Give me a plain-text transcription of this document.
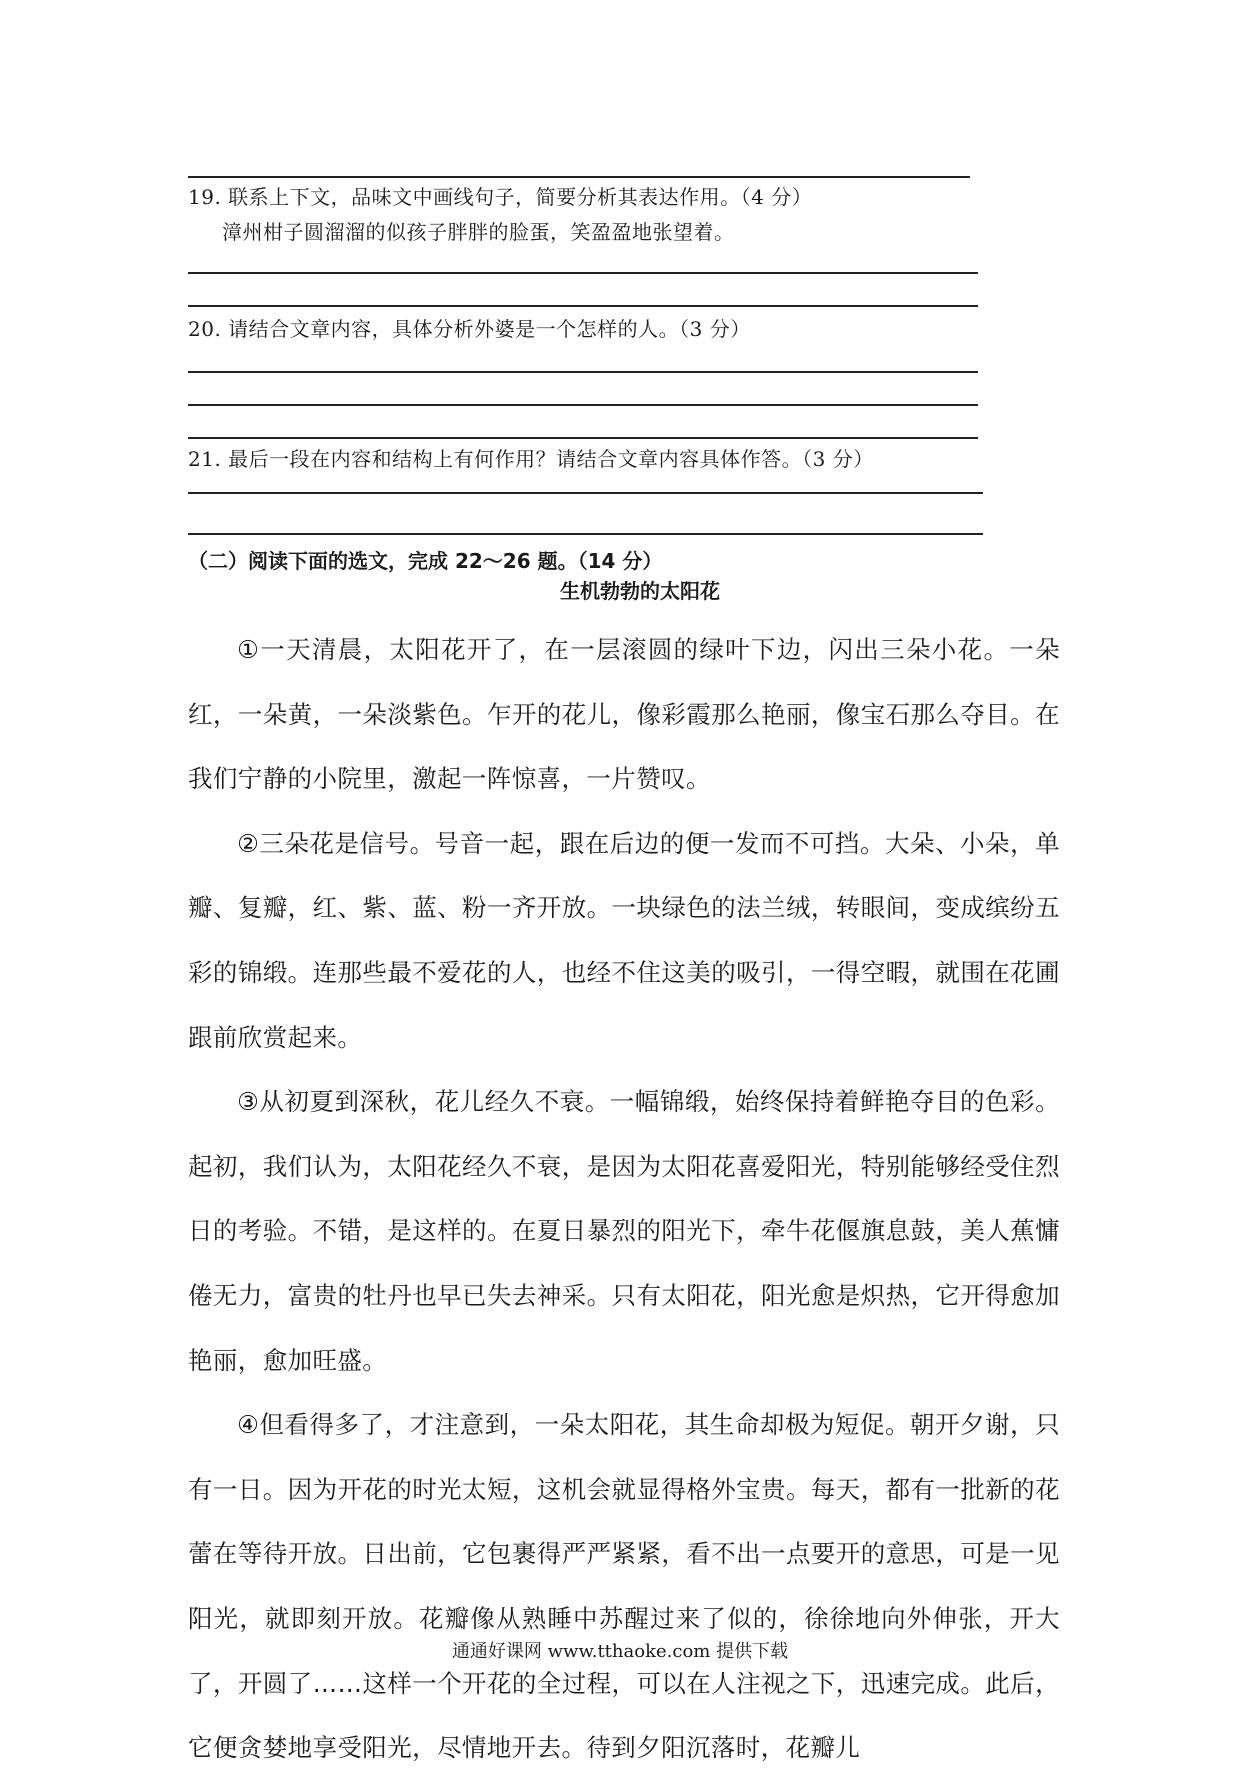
19. 联系上下文，品味文中画线句子，简要分析其表达作用。（4 分）
漳州柑子圆溜溜的似孩子胖胖的脸蛋，笑盈盈地张望着。
20. 请结合文章内容，具体分析外婆是一个怎样的人。（3 分）
21. 最后一段在内容和结构上有何作用？请结合文章内容具体作答。（3 分）
（二）阅读下面的选文，完成 22～26 题。（14 分）
生机勃勃的太阳花

①一天清晨，太阳花开了，在一层滚圆的绿叶下边，闪出三朵小花。一朵红，一朵黄，一朵淡紫色。乍开的花儿，像彩霞那么艳丽，像宝石那么夺目。在我们宁静的小院里，激起一阵惊喜，一片赞叹。

②三朵花是信号。号音一起，跟在后边的便一发而不可挡。大朵、小朵，单瓣、复瓣，红、紫、蓝、粉一齐开放。一块绿色的法兰绒，转眼间，变成缤纷五彩的锦缎。连那些最不爱花的人，也经不住这美的吸引，一得空暇，就围在花圃跟前欣赏起来。

③从初夏到深秋，花儿经久不衰。一幅锦缎，始终保持着鲜艳夺目的色彩。起初，我们认为，太阳花经久不衰，是因为太阳花喜爱阳光，特别能够经受住烈日的考验。不错，是这样的。在夏日暴烈的阳光下，牵牛花偃旗息鼓，美人蕉慵倦无力，富贵的牡丹也早已失去神采。只有太阳花，阳光愈是炽热，它开得愈加艳丽，愈加旺盛。

④但看得多了，才注意到，一朵太阳花，其生命却极为短促。朝开夕谢，只有一日。因为开花的时光太短，这机会就显得格外宝贵。每天，都有一批新的花蕾在等待开放。日出前，它包裹得严严紧紧，看不出一点要开的意思，可是一见阳光，就即刻开放。花瓣像从熟睡中苏醒过来了似的，徐徐地向外伸张，开大了，开圆了……这样一个开花的全过程，可以在人注视之下，迅速完成。此后，它便贪婪地享受阳光，尽情地开去。待到夕阳沉落时，花瓣儿

通通好课网 www.tthaoke.com 提供下载
